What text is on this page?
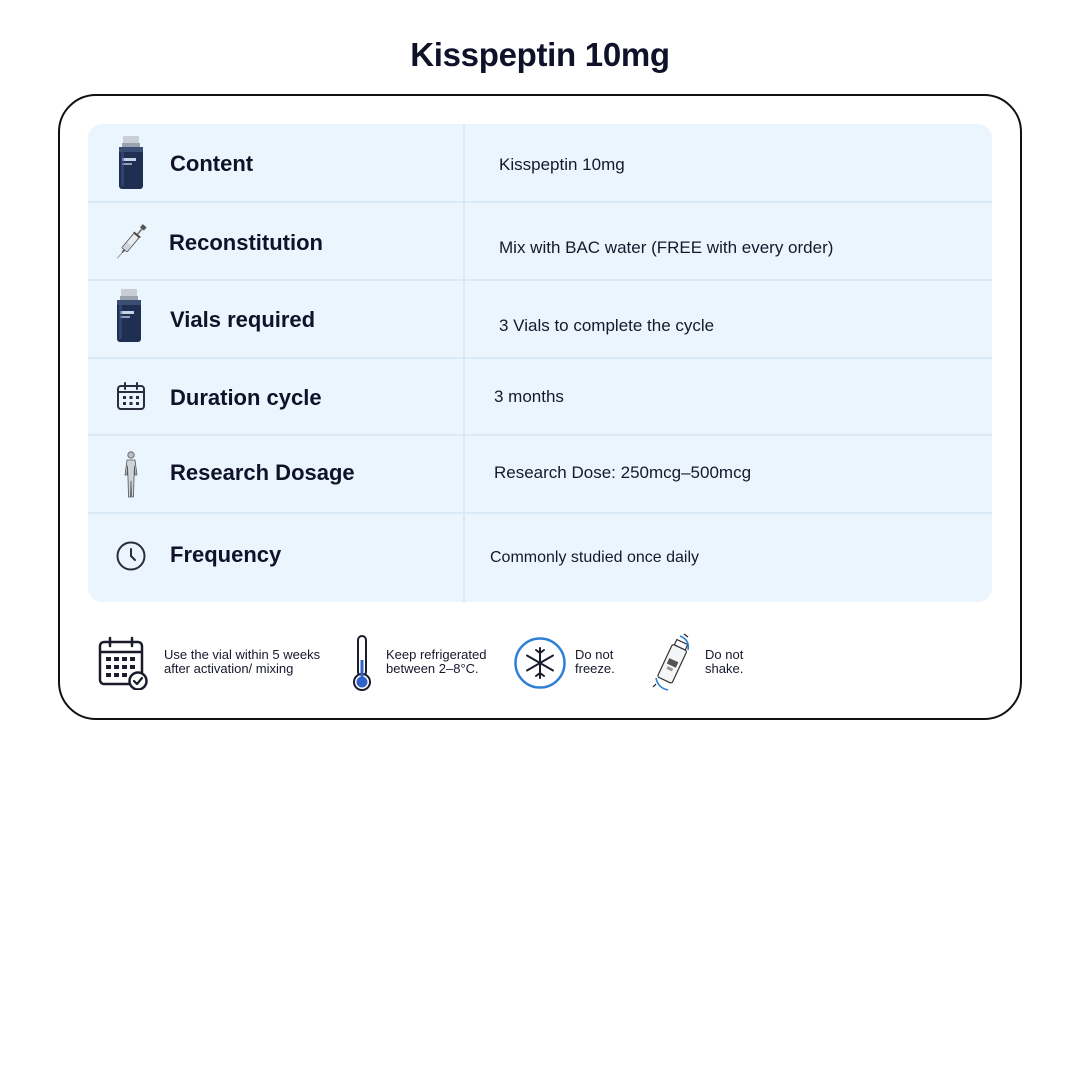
Kisspeptin 10mg
Content	Kisspeptin 10mg
Reconstitution	Mix with BAC water (FREE with every order)
Vials required	3 Vials to complete the cycle
Duration cycle	3 months
Research Dosage	Research Dose: 250mcg–500mcg
Frequency	Commonly studied once daily
Use the vial within 5 weeks
after activation/ mixing
Keep refrigerated
between 2–8°C.
Do not
freeze.
Do not
shake.
